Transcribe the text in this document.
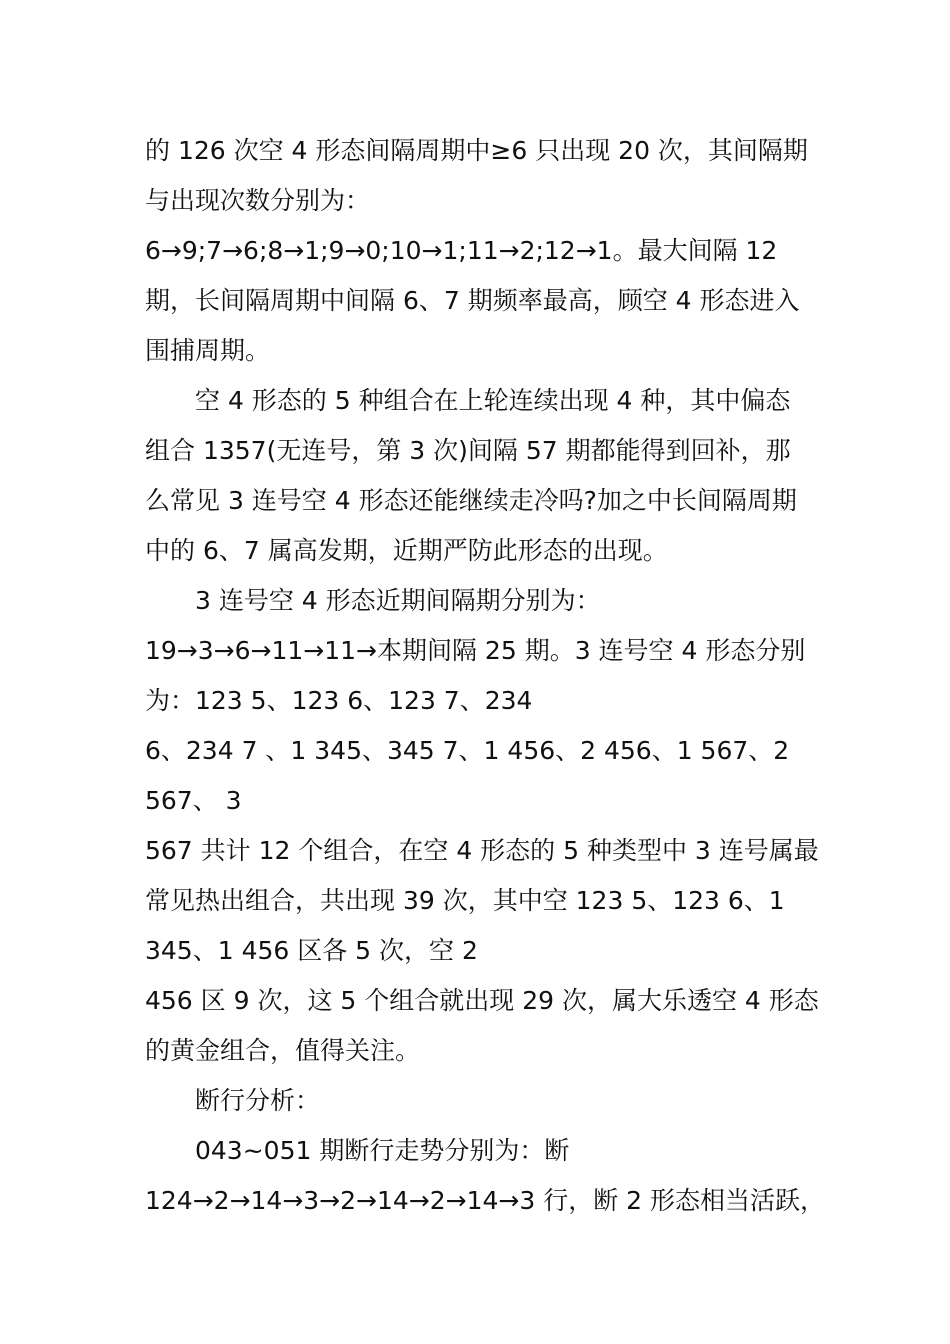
的 126 次空 4 形态间隔周期中≥6 只出现 20 次，其间隔期
与出现次数分别为：
6→9;7→6;8→1;9→0;10→1;11→2;12→1。最大间隔 12
期，长间隔周期中间隔 6、7 期频率最高，顾空 4 形态进入
围捕周期。
空 4 形态的 5 种组合在上轮连续出现 4 种，其中偏态
组合 1357(无连号，第 3 次)间隔 57 期都能得到回补，那
么常见 3 连号空 4 形态还能继续走冷吗?加之中长间隔周期
中的 6、7 属高发期，近期严防此形态的出现。
3 连号空 4 形态近期间隔期分别为：
19→3→6→11→11→本期间隔 25 期。3 连号空 4 形态分别
为：123 5、123 6、123 7、234
6、234 7 、1 345、345 7、1 456、2 456、1 567、2
567、 3
567 共计 12 个组合，在空 4 形态的 5 种类型中 3 连号属最
常见热出组合，共出现 39 次，其中空 123 5、123 6、1
345、1 456 区各 5 次，空 2
456 区 9 次，这 5 个组合就出现 29 次，属大乐透空 4 形态
的黄金组合，值得关注。
断行分析：
043~051 期断行走势分别为：断
124→2→14→3→2→14→2→14→3 行，断 2 形态相当活跃，
